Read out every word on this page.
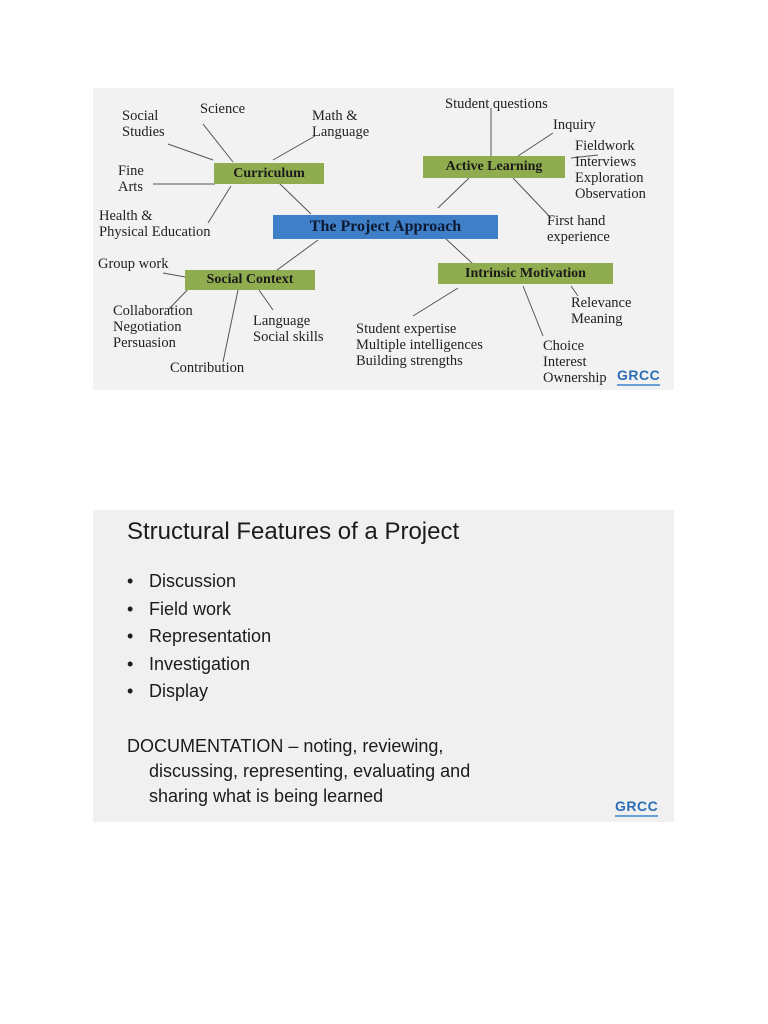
Social
Studies
Science	Math &
Language
Fine
Arts
Health &
Physical Education
Curriculum
Student questions
Inquiry
Fieldwork
Interviews
Exploration
Observation
First hand
experience
Active Learning
The Project Approach
Group work
Social Context
Collaboration
Negotiation
Persuasion
Language
Social skills
Contribution
Intrinsic Motivation
Student expertise
Multiple intelligences
Building strengths
Relevance
Meaning
Choice
Interest
Ownership GRCC
Structural Features of a Project
• Discussion
• Field work
• Representation
• Investigation
• Display
DOCUMENTATION – noting, reviewing,
discussing, representing, evaluating and
sharing what is being learned	GRCC
